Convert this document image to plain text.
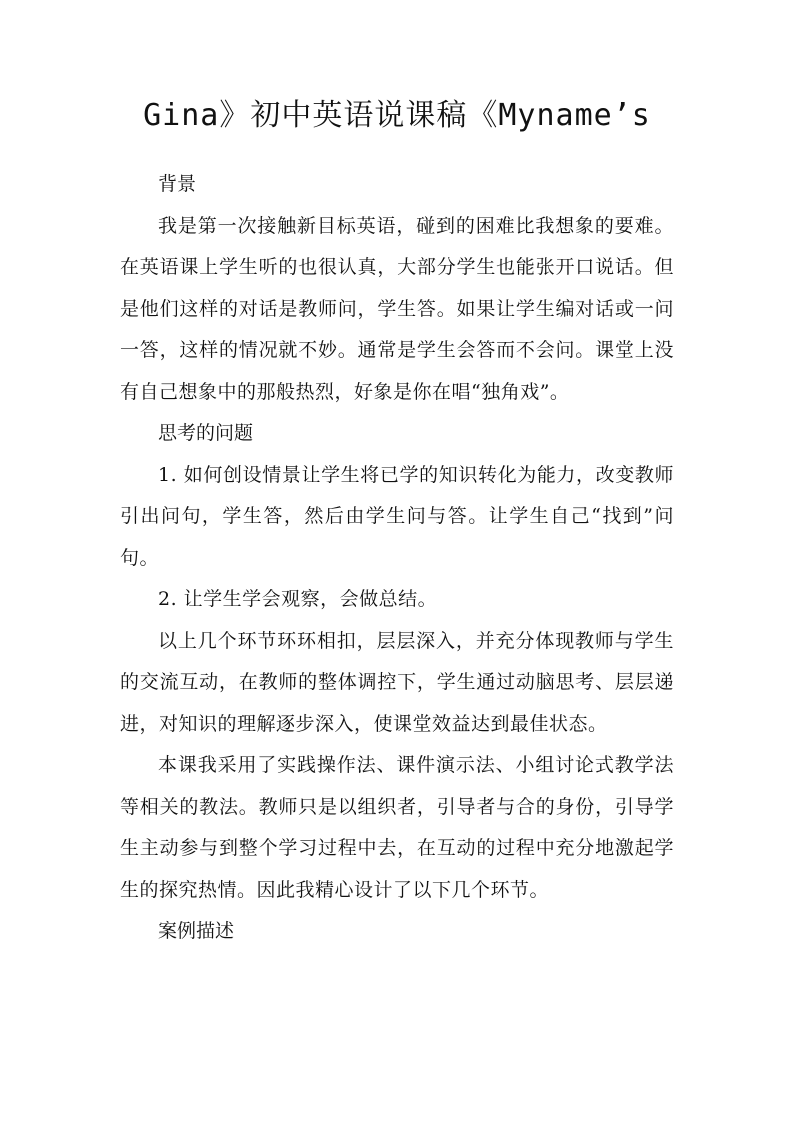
Gina》初中英语说课稿《Myname’s

背景

我是第一次接触新目标英语，碰到的困难比我想象的要难。在英语课上学生听的也很认真，大部分学生也能张开口说话。但是他们这样的对话是教师问，学生答。如果让学生编对话或一问一答，这样的情况就不妙。通常是学生会答而不会问。课堂上没有自己想象中的那般热烈，好象是你在唱“独角戏”。

思考的问题

1. 如何创设情景让学生将已学的知识转化为能力，改变教师引出问句，学生答，然后由学生问与答。让学生自己“找到”问句。

2. 让学生学会观察，会做总结。

以上几个环节环环相扣，层层深入，并充分体现教师与学生的交流互动，在教师的整体调控下，学生通过动脑思考、层层递进，对知识的理解逐步深入，使课堂效益达到最佳状态。

本课我采用了实践操作法、课件演示法、小组讨论式教学法等相关的教法。教师只是以组织者，引导者与合的身份，引导学生主动参与到整个学习过程中去，在互动的过程中充分地激起学生的探究热情。因此我精心设计了以下几个环节。

案例描述
